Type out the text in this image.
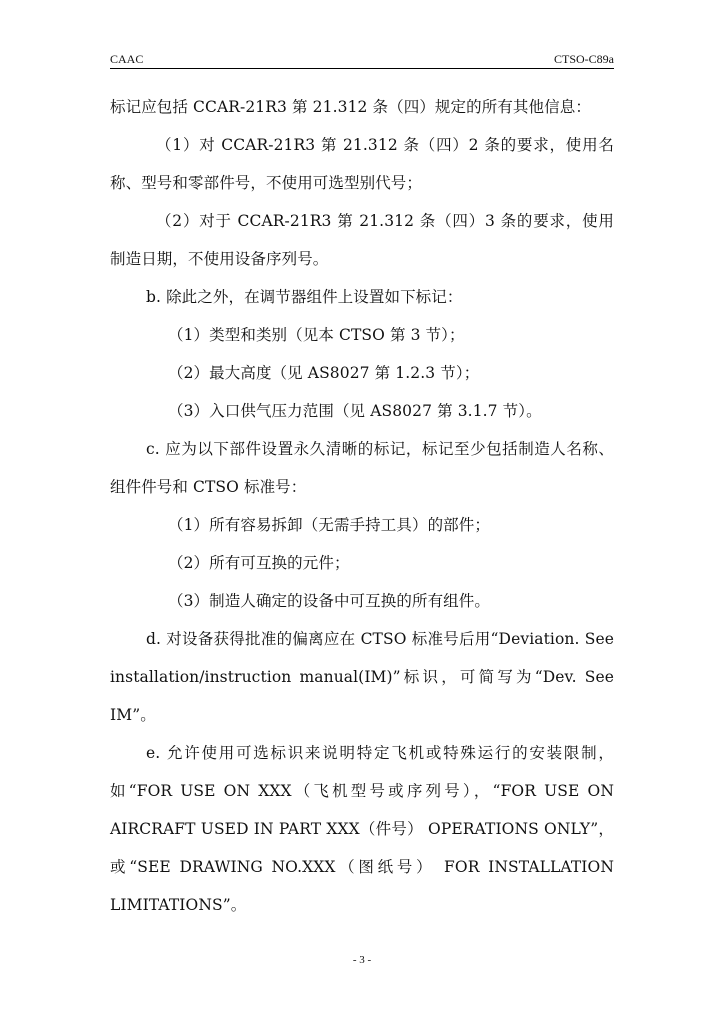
CAAC	CTSO-C89a

标记应包括 CCAR-21R3 第 21.312 条（四）规定的所有其他信息：

（1）对 CCAR-21R3 第 21.312 条（四）2 条的要求，使用名称、型号和零部件号，不使用可选型别代号；

（2）对于 CCAR-21R3 第 21.312 条（四）3 条的要求，使用制造日期，不使用设备序列号。

b. 除此之外，在调节器组件上设置如下标记：

（1）类型和类别（见本 CTSO 第 3 节）；

（2）最大高度（见 AS8027 第 1.2.3 节）；

（3）入口供气压力范围（见 AS8027 第 3.1.7 节）。

c. 应为以下部件设置永久清晰的标记，标记至少包括制造人名称、组件件号和 CTSO 标准号：

（1）所有容易拆卸（无需手持工具）的部件；

（2）所有可互换的元件；

（3）制造人确定的设备中可互换的所有组件。

d. 对设备获得批准的偏离应在 CTSO 标准号后用“Deviation. See installation/instruction manual(IM)”标识，可简写为“Dev. See IM”。

e. 允许使用可选标识来说明特定飞机或特殊运行的安装限制，如“FOR USE ON XXX（飞机型号或序列号），“FOR USE ON AIRCRAFT USED IN PART XXX（件号） OPERATIONS ONLY”，或“SEE DRAWING NO.XXX（图纸号） FOR INSTALLATION LIMITATIONS”。

- 3 -
